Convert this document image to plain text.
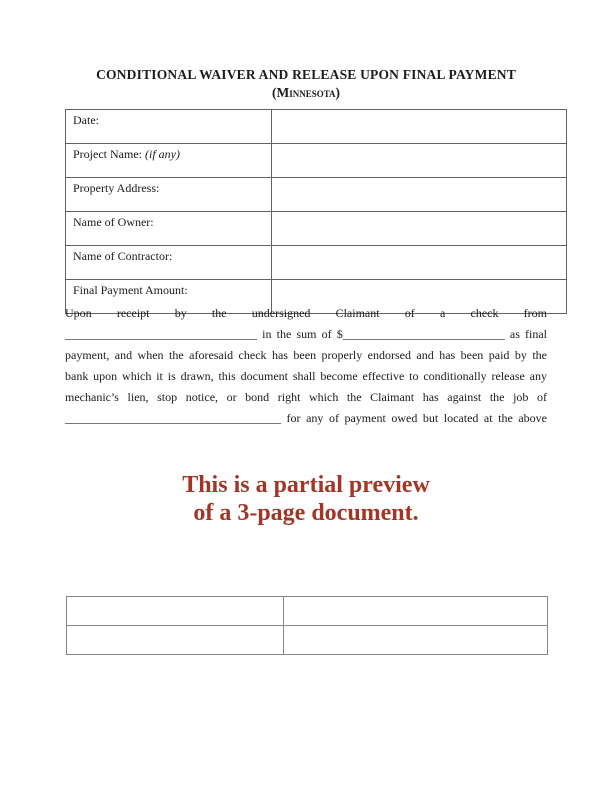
CONDITIONAL WAIVER AND RELEASE UPON FINAL PAYMENT
(Minnesota)
Date:	
Project Name: (if any)	
Property Address:	
Name of Owner:	
Name of Contractor:	
Final Payment Amount:	
Upon receipt by the undersigned Claimant of a check from
________________________________ in the sum of $___________________________ as final
payment, and when the aforesaid check has been properly endorsed and has been paid by the
bank upon which it is drawn, this document shall become effective to conditionally release any
mechanic’s lien, stop notice, or bond right which the Claimant has against the job of
____________________________________ for any of payment owed but located at the above
This is a partial preview
of a 3-page document.
